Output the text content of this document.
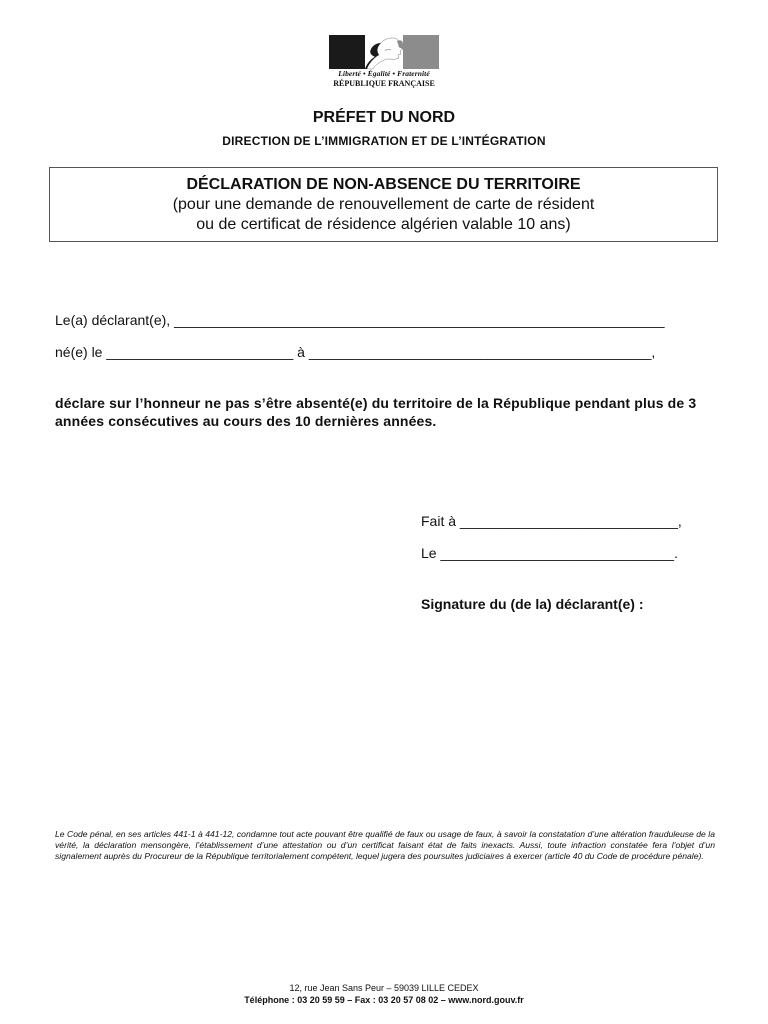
Liberté • Égalité • Fraternité
RÉPUBLIQUE FRANÇAISE
PRÉFET DU NORD
DIRECTION DE L’IMMIGRATION ET DE L’INTÉGRATION
DÉCLARATION DE NON-ABSENCE DU TERRITOIRE
(pour une demande de renouvellement de carte de résident
ou de certificat de résidence algérien valable 10 ans)
Le(a) déclarant(e), _______________________________________________________________
né(e) le ________________________ à ____________________________________________,
déclare sur l’honneur ne pas s’être absenté(e) du territoire de la République pendant plus de 3 années consécutives au cours des 10 dernières années.
Fait à ____________________________,
Le ______________________________.
Signature du (de la) déclarant(e) :
Le Code pénal, en ses articles 441-1 à 441-12, condamne tout acte pouvant être qualifié de faux ou usage de faux, à savoir la constatation d’une altération frauduleuse de la vérité, la déclaration mensongère, l’établissement d’une attestation ou d’un certificat faisant état de faits inexacts. Aussi, toute infraction constatée fera l’objet d’un signalement auprès du Procureur de la République territorialement compétent, lequel jugera des poursuites judiciaires à exercer (article 40 du Code de procédure pénale).
12, rue Jean Sans Peur – 59039 LILLE CEDEX
Téléphone : 03 20 59 59 – Fax : 03 20 57 08 02 – www.nord.gouv.fr
